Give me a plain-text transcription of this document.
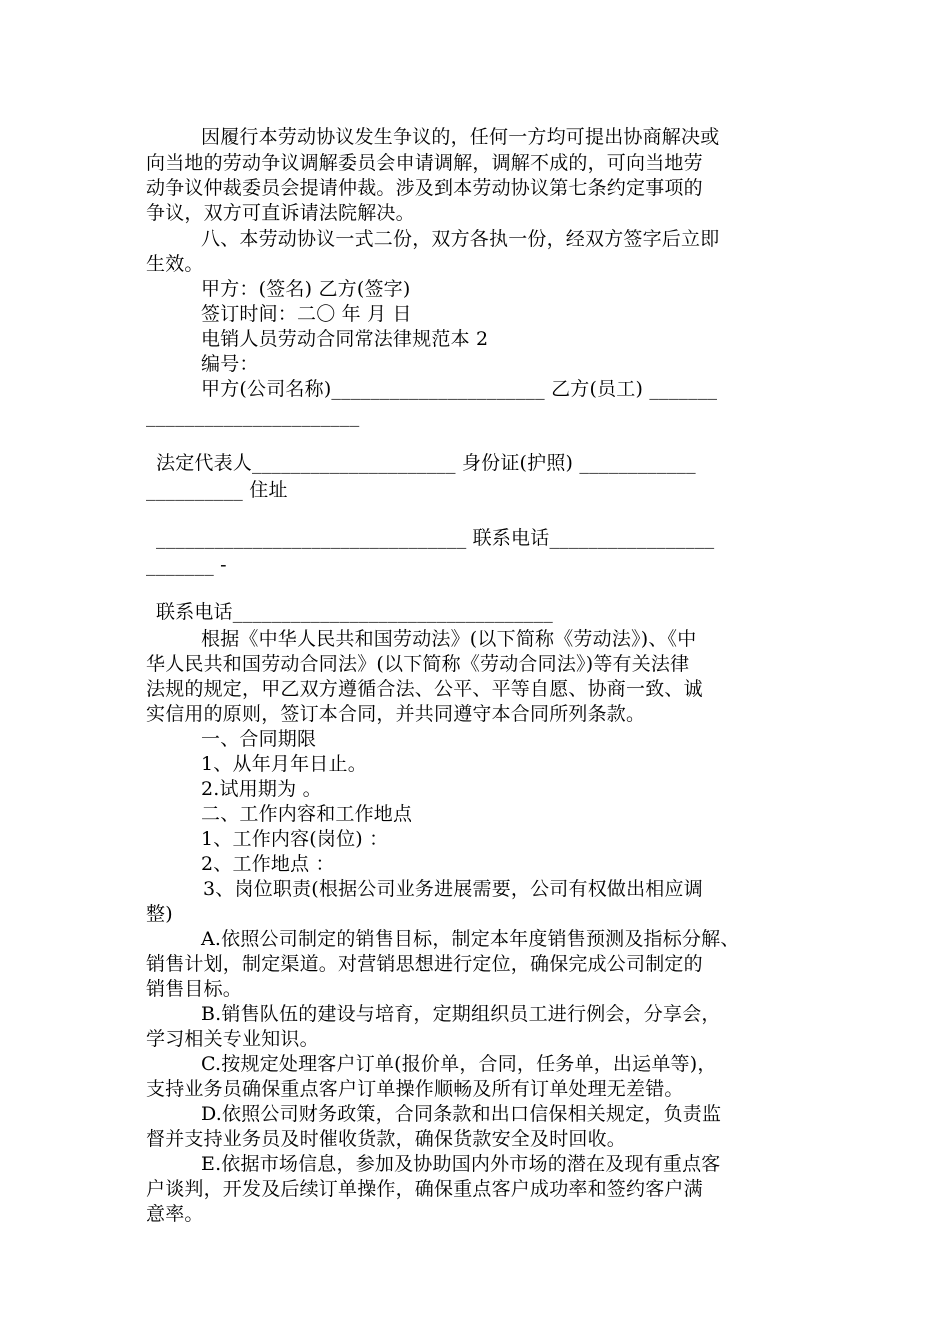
因履行本劳动协议发生争议的，任何一方均可提出协商解决或
向当地的劳动争议调解委员会申请调解，调解不成的，可向当地劳
动争议仲裁委员会提请仲裁。涉及到本劳动协议第七条约定事项的
争议，双方可直诉请法院解决。
八、本劳动协议一式二份，双方各执一份，经双方签字后立即
生效。
甲方：(签名) 乙方(签字)
签订时间：二〇 年 月 日
电销人员劳动合同常法律规范本 2
编号：
甲方(公司名称)______________________ 乙方(员工) _______
______________________
法定代表人_____________________ 身份证(护照) ____________
__________ 住址
________________________________ 联系电话_________________
_______ -
联系电话_________________________________
根据《中华人民共和国劳动法》(以下简称《劳动法》)、《中
华人民共和国劳动合同法》(以下简称《劳动合同法》)等有关法律
法规的规定，甲乙双方遵循合法、公平、平等自愿、协商一致、诚
实信用的原则，签订本合同，并共同遵守本合同所列条款。
一、合同期限
1、从年月年日止。
2.试用期为 。
二、工作内容和工作地点
1、工作内容(岗位) ：
2、工作地点 ：
3、岗位职责(根据公司业务进展需要，公司有权做出相应调
整)
A.依照公司制定的销售目标，制定本年度销售预测及指标分解、
销售计划，制定渠道。对营销思想进行定位，确保完成公司制定的
销售目标。
B.销售队伍的建设与培育，定期组织员工进行例会，分享会，
学习相关专业知识。
C.按规定处理客户订单(报价单，合同，任务单，出运单等)，
支持业务员确保重点客户订单操作顺畅及所有订单处理无差错。
D.依照公司财务政策，合同条款和出口信保相关规定，负责监
督并支持业务员及时催收货款，确保货款安全及时回收。
E.依据市场信息，参加及协助国内外市场的潜在及现有重点客
户谈判，开发及后续订单操作，确保重点客户成功率和签约客户满
意率。
